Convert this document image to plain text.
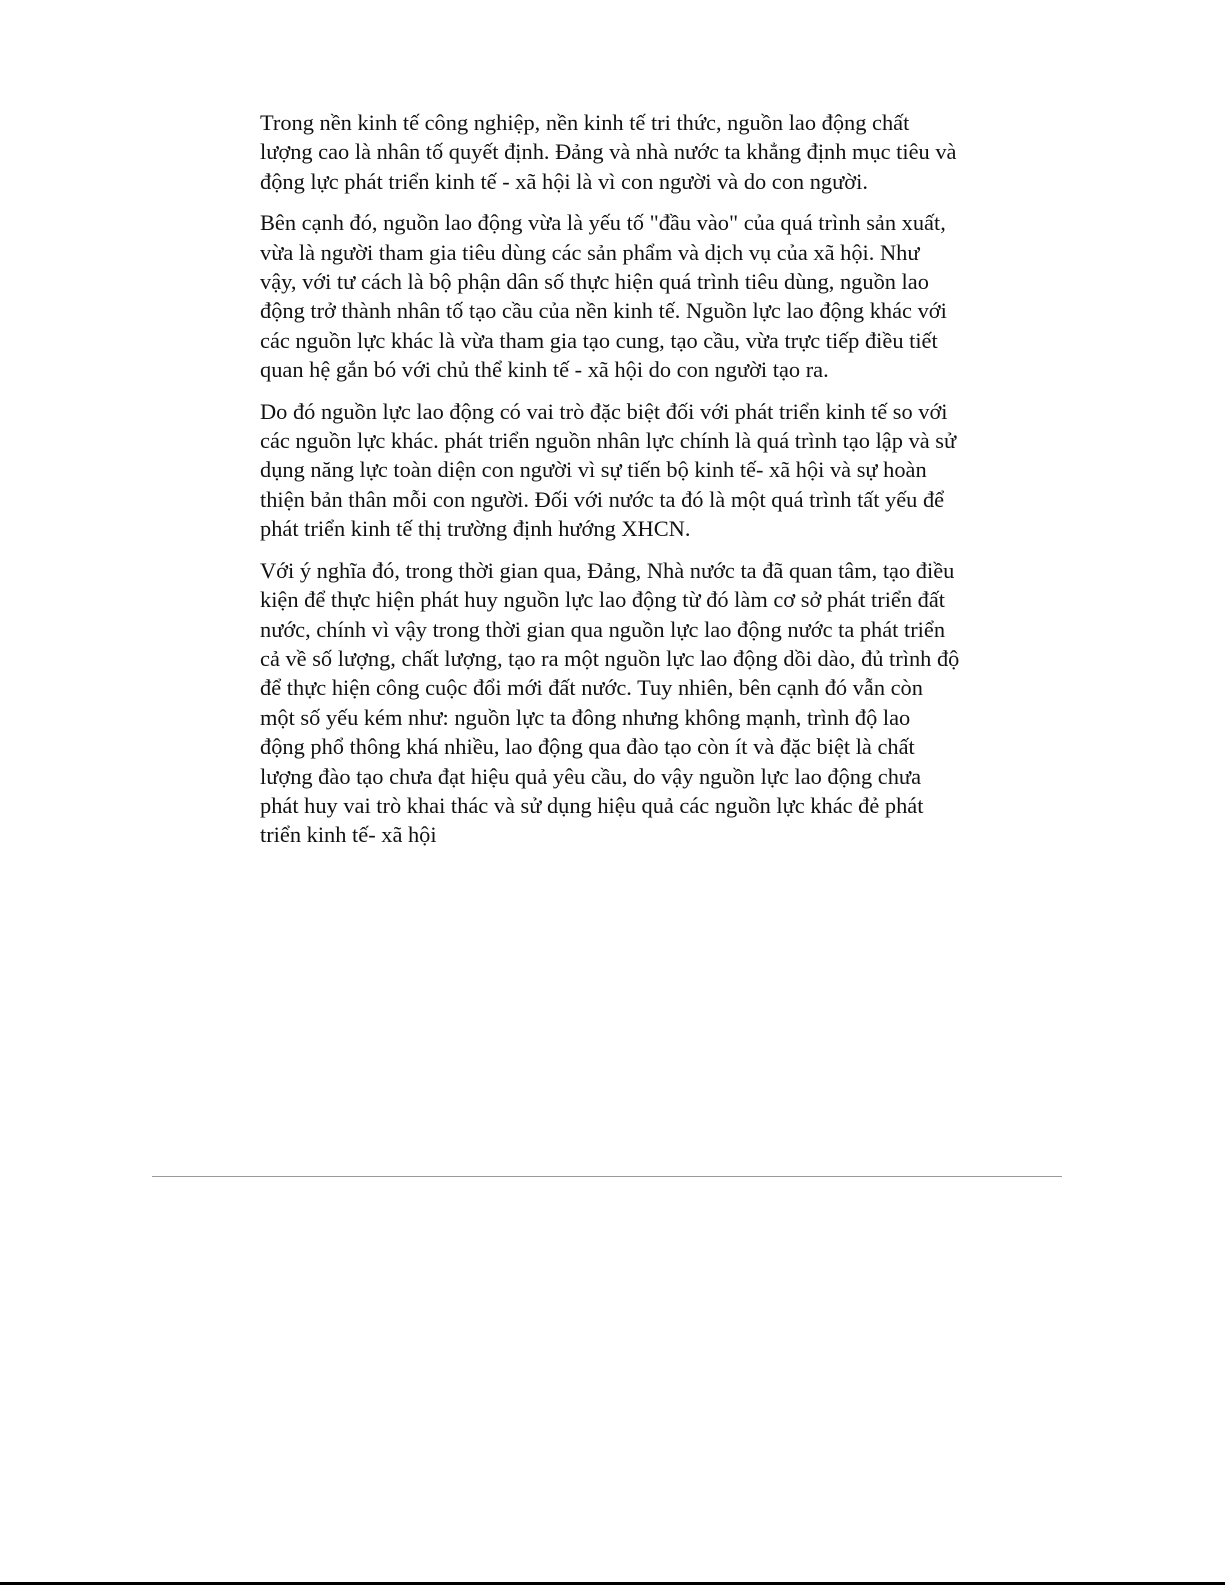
Trong nền kinh tế công nghiệp, nền kinh tế tri thức, nguồn lao động chất lượng cao là nhân tố quyết định. Đảng và nhà nước ta khẳng định mục tiêu và động lực phát triển kinh tế - xã hội là vì con người và do con người.

Bên cạnh đó, nguồn lao động vừa là yếu tố "đầu vào" của quá trình sản xuất, vừa là người tham gia tiêu dùng các sản phẩm và dịch vụ của xã hội. Như vậy, với tư cách là bộ phận dân số thực hiện quá trình tiêu dùng, nguồn lao động trở thành nhân tố tạo cầu của nền kinh tế. Nguồn lực lao động khác với các nguồn lực khác là vừa tham gia tạo cung, tạo cầu, vừa trực tiếp điều tiết quan hệ gắn bó với chủ thể kinh tế - xã hội do con người tạo ra.

Do đó nguồn lực lao động có vai trò đặc biệt đối với phát triển kinh tế so với các nguồn lực khác. phát triển nguồn nhân lực chính là quá trình tạo lập và sử dụng năng lực toàn diện con người vì sự tiến bộ kinh tế- xã hội và sự hoàn thiện bản thân mỗi con người. Đối với nước ta đó là một quá trình tất yếu để phát triển kinh tế thị trường định hướng XHCN.

Với ý nghĩa đó, trong thời gian qua, Đảng, Nhà nước ta đã quan tâm, tạo điều kiện để thực hiện phát huy nguồn lực lao động từ đó làm cơ sở phát triển đất nước, chính vì vậy trong thời gian qua nguồn lực lao động nước ta phát triển cả về số lượng, chất lượng, tạo ra một nguồn lực lao động dồi dào, đủ trình độ để thực hiện công cuộc đổi mới đất nước. Tuy nhiên, bên cạnh đó vẫn còn một số yếu kém như: nguồn lực ta đông nhưng không mạnh, trình độ lao động phổ thông khá nhiều, lao động qua đào tạo còn ít và đặc biệt là chất lượng đào tạo chưa đạt hiệu quả yêu cầu, do vậy nguồn lực lao động chưa phát huy vai trò khai thác và sử dụng hiệu quả các nguồn lực khác đẻ phát triển kinh tế- xã hội
